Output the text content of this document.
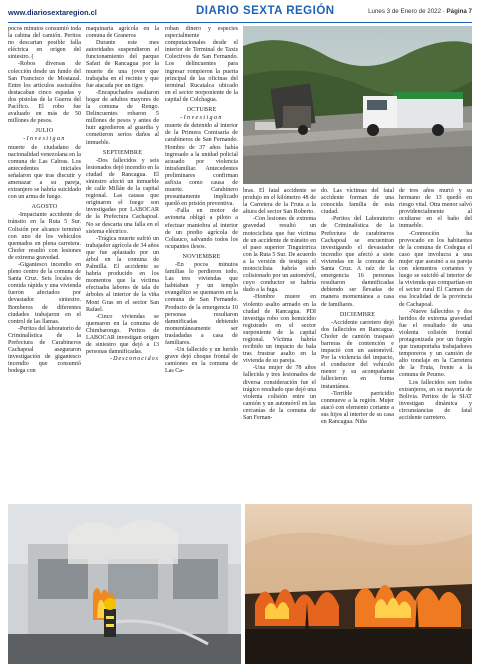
www.diariosextaregion.cl	DIARIO SEXTA REGIÓN	Lunes 3 de Enero de 2022 · Página 7

pocos minutos consumió toda la cabina del camión. Peritos no descartan posible falla eléctrica en origen del siniestro. (

-Robos diversas de colección desde un fundo del San Francisco de Mostazal. Entre los artículos sustraídos destacaban cinco espadas y dos pistolas de la Guerra del Pacífico. El robo fue avaluado en más de 50 millones de pesos.

JULIO

-Investigan

muerte de ciudadano de nacionalidad venezolana en la comuna de Las Cabras. Los antecedentes iniciales señalaron que tras discutir y amenazar a su pareja, extranjero se habría suicidado con un arma de fuego.

AGOSTO

-Impactante accidente de tránsito en la Ruta 5 Sur. Colisión por alcance terminó con uno de los vehículos quemados en plena carretera. Chofer resultó con lesiones de extrema gravedad.

-Gigantesco incendio en pleno centro de la comuna de Santa Cruz. Seis locales de comida rápida y una vivienda fueron afectados por devastador siniestro. Bomberos de diferentes ciudades trabajaron en el control de las llamas.

-Peritos del laboratorio de Criminalística de la Prefectura de Carabineros Cachapoal aseguraron investigación de gigantesco incendio que consumió bodega con

maquinaria agrícola en la comuna de Graneros

Durante este mes autoridades suspendieron el funcionamiento del parque Safari de Rancagua por la muerte de una joven que trabajaba en el recinto y que fue atacada por un tigre.

-Encapuchados asaltaron hogar de adultos mayores de la comuna de Rengo. Delincuentes robaron 5 millones de pesos y antes de huir agredieron al guardia y cometieron serios daños al inmueble.

SEPTIEMBRE

-Dos fallecidos y seis lesionados dejó incendio en la ciudad de Rancagua. El siniestro afectó un inmueble de calle Millán de la capital regional. Las causas que originaron el fuego son investigadas por LABOCAR de la Prefectura Cachapoal. No se descarta una falla en el sistema eléctrico.

-Trágica muerte sufrió un trabajador agrícola de 34 años que fue aplastado por un árbol en la comuna de Palmilla. El accidente se habría producido en los momentos que la víctima efectuaba labores de tala de árboles al interior de la viña Mont Gras en el sector San Rafael.

-Cinco viviendas se quemaron en la comuna de Chimbarongo. Peritos de LABOCAR investigan origen de siniestro que dejó a 13 personas damnificadas.

-Desconocidos

roban dinero y especies especialmente computacionales desde el interior de Terminal de Taxis Colectivos de San Fernando. Los delincuentes para ingresar rompieron la puerta principal de las oficinas del terminal Rucatalca ubicado en el sector norponiente de la capital de Colchagua.

OCTUBRE

-Investigan

muerte de detenido al interior de la Primera Comisaría de carabineros de San Fernando. Hombre de 37 años había ingresado a la unidad policial acusado por violencia intrafamiliar. Antecedentes preliminares confirman asfixia como causa de muerte. Carabinero presuntamente implicado quedó en prisión preventiva.

-Falla en motor de avioneta obligó a piloto a efectuar maniobra al interior de un predio agrícola de Coltauco, salvando todos los ocupantes ilesos.

NOVIEMBRE

-En pocos minutos familias lo perdieron todo. Las tres viviendas que habitaban y un templo evangélico se quemaron en la comuna de San Fernando. Producto de la emergencia 10 personas resultaron damnificadas debiendo momentáneamente ser trasladadas a casa de familiares.

-Un fallecido y un herido grave dejó choque frontal de camiones en la comuna de Las Ca-

bras. El fatal accidente se produjo en el kilómetro 48 de la Carretera de la Fruta a la altura del sector San Roberto.

-Con lesiones de extrema gravedad resultó un motociclista que fue víctima de un accidente de tránsito en el paso superior Tinguiririca con la Ruta 5 Sur. De acuerdo a la versión de testigos el motociclista habría sido colisionado por un automóvil, cuyo conductor se habría dado a la fuga.

-Hombre muere en violento asalto armado en la ciudad de Rancagua. PDI investiga robo con homicidio registrado en el sector surponiente de la capital regional. Víctima habría recibido un impacto de bala tras frustrar asalto en la vivienda de su pareja.

-Una mujer de 78 años fallecida y tres lesionados de diversa consideración fue el trágico resultado que dejó una violenta colisión entre un camión y un automóvil en las cercanías de la comuna de San Fernan-

do. Las víctimas del fatal accidente forman de una conocida familia de esta ciudad.

-Peritos del Laboratorio de Criminalística de la Prefectura de carabineros Cachapoal se encuentran investigando el devastador incendio que afectó a siete viviendas en la comuna de Santa Cruz. A raíz de la emergencia 16 personas resultaron damnificadas debiendo ser llevadas de manera momentánea a casa de familiares.

DICIEMBRE

-Accidente carretero dejó dos fallecidos en Rancagua. Chofer de camión traspasó barreras de contención e impactó con un automóvil. Por la violencia del impacto, el conductor del vehículo menor y su acompañante fallecieron en forma instantánea.

-Terrible parricidio conmueve a la región. Mujer atacó con elemento cortante a sus hijos al interior de su casa en Rancagua. Niña

de tres años murió y su hermano de 13 quedó en riesgo vital. Otra menor salvó providencialmente al ocultarse en el baño del inmueble.

-Conmoción ha provocado en los habitantes de la comuna de Codegua el caso que involucra a una mujer que asesinó a su pareja con elementos cortantes y luego se suicidó al interior de la vivienda que compartían en el sector rural El Carmen de esa localidad de la provincia de Cachapoal.

-Nueve fallecidos y dos heridos de extrema gravedad fue el resultado de una violenta colisión frontal protagonizada por un furgón que transportaba trabajadores temporeros y un camión de alto tonelaje en la Carretera de la Fruta, frente a la comuna de Peumo.

Los fallecidos son todos extranjeros, en su mayoría de Bolivia. Peritos de la SIAT investigan dinámica y circunstancias de fatal accidente carretero.
